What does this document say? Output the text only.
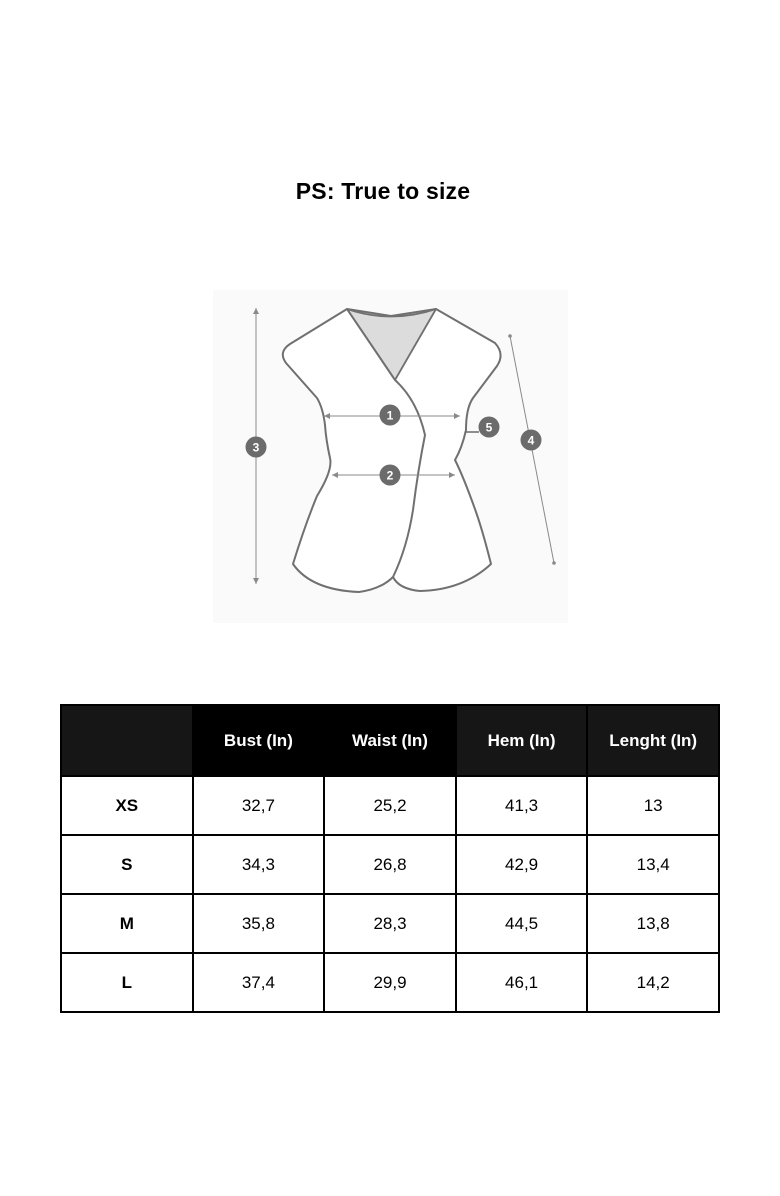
PS: True to size
1
2
3	4
5
	Bust (In)	Waist (In)	Hem (In)	Lenght (In)
XS	32,7	25,2	41,3	13
S	34,3	26,8	42,9	13,4
M	35,8	28,3	44,5	13,8
L	37,4	29,9	46,1	14,2
